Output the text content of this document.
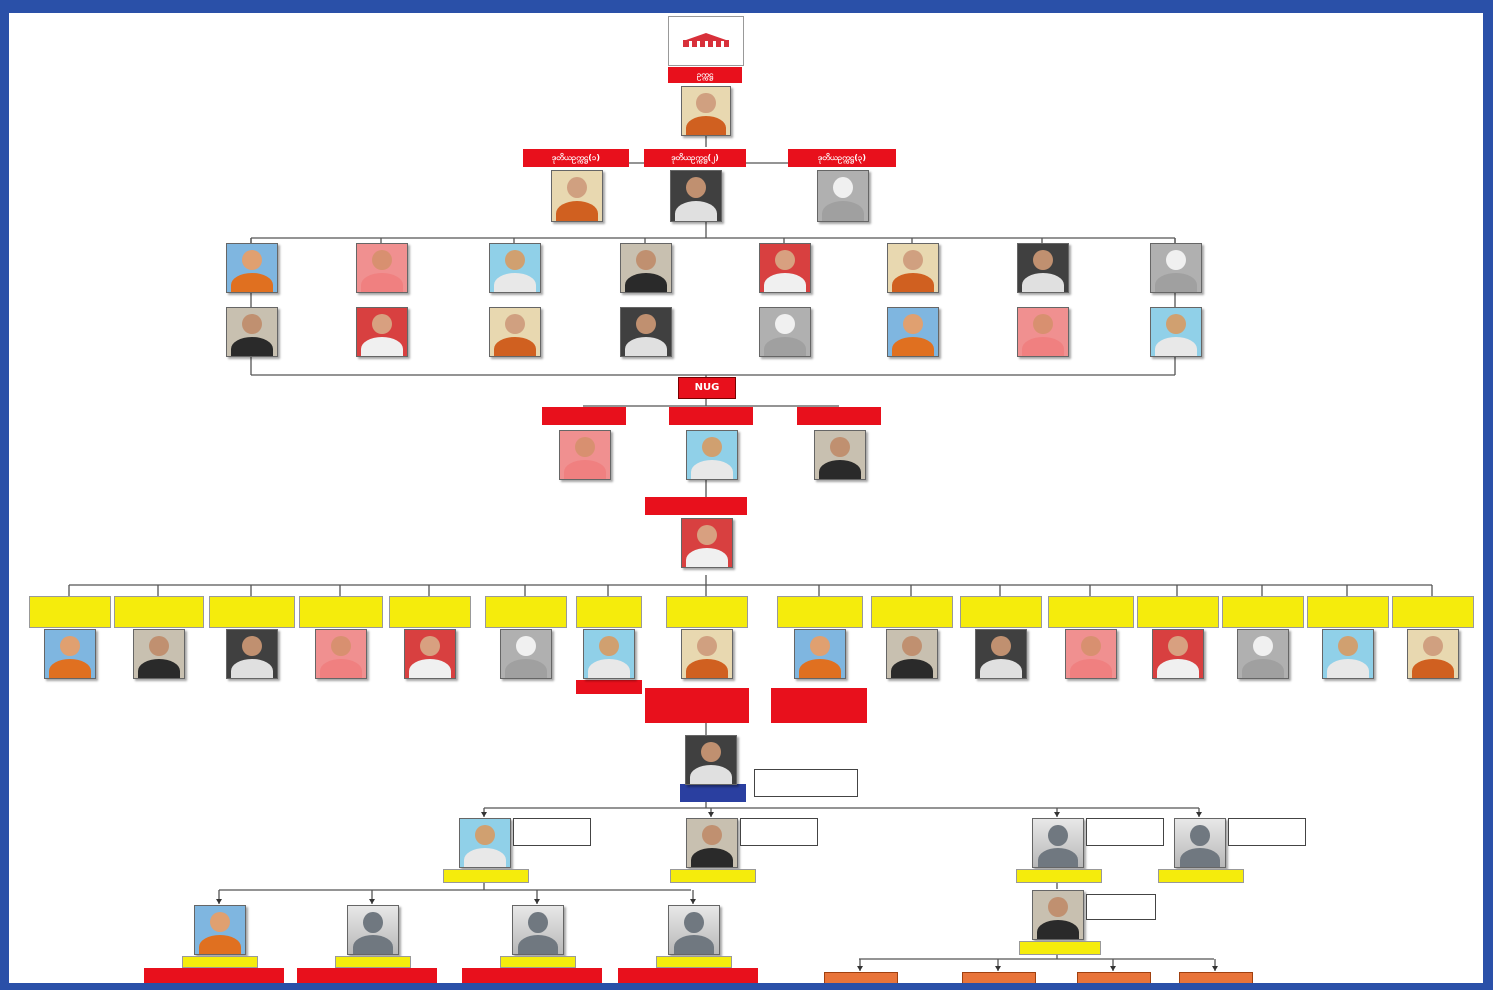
ဥက္ကဋ္ဌ
NUG
ဒုတိယဥက္ကဋ္ဌ(၁)	ဒုတိယဥက္ကဋ္ဌ(၂)	ဒုတိယဥက္ကဋ္ဌ(၃)
